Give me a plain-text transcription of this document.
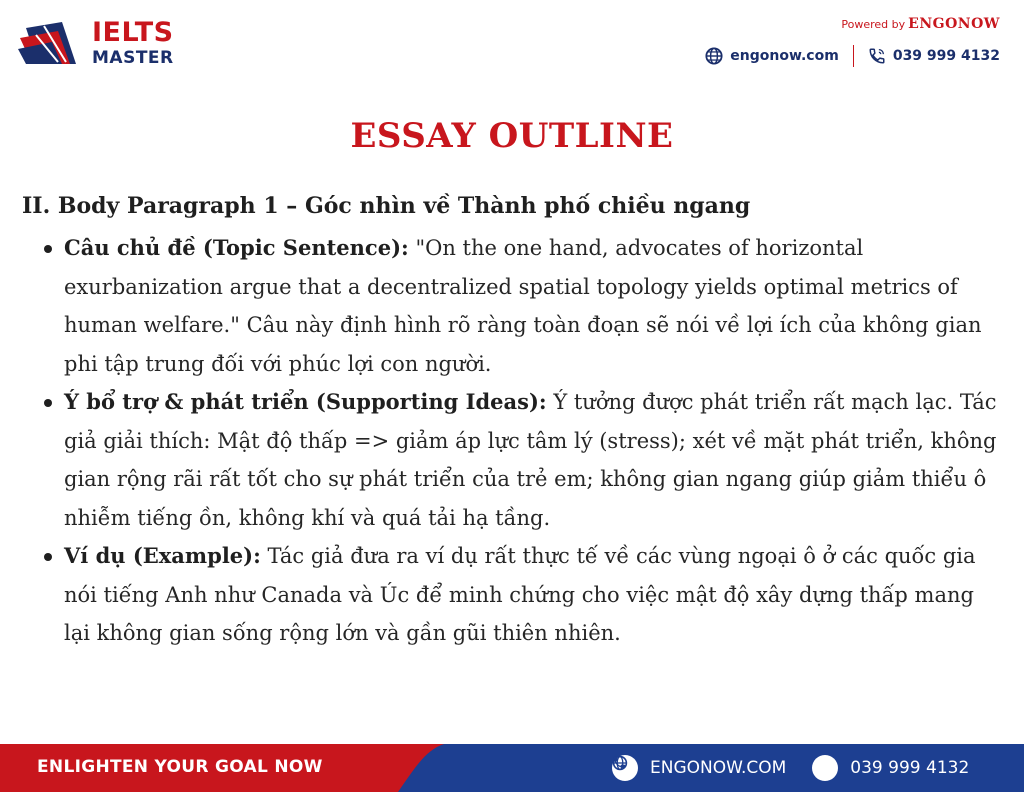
IELTS
MASTER
Powered by ENGONOW
engonow.com	039 999 4132
ESSAY OUTLINE
II. Body Paragraph 1 – Góc nhìn về Thành phố chiều ngang
Câu chủ đề (Topic Sentence): "On the one hand, advocates of horizontal exurbanization argue that a decentralized spatial topology yields optimal metrics of human welfare." Câu này định hình rõ ràng toàn đoạn sẽ nói về lợi ích của không gian phi tập trung đối với phúc lợi con người.
Ý bổ trợ & phát triển (Supporting Ideas): Ý tưởng được phát triển rất mạch lạc. Tác giả giải thích: Mật độ thấp => giảm áp lực tâm lý (stress); xét về mặt phát triển, không gian rộng rãi rất tốt cho sự phát triển của trẻ em; không gian ngang giúp giảm thiểu ô nhiễm tiếng ồn, không khí và quá tải hạ tầng.
Ví dụ (Example): Tác giả đưa ra ví dụ rất thực tế về các vùng ngoại ô ở các quốc gia nói tiếng Anh như Canada và Úc để minh chứng cho việc mật độ xây dựng thấp mang lại không gian sống rộng lớn và gần gũi thiên nhiên.
ENLIGHTEN YOUR GOAL NOW	ENGONOW.COM	039 999 4132
